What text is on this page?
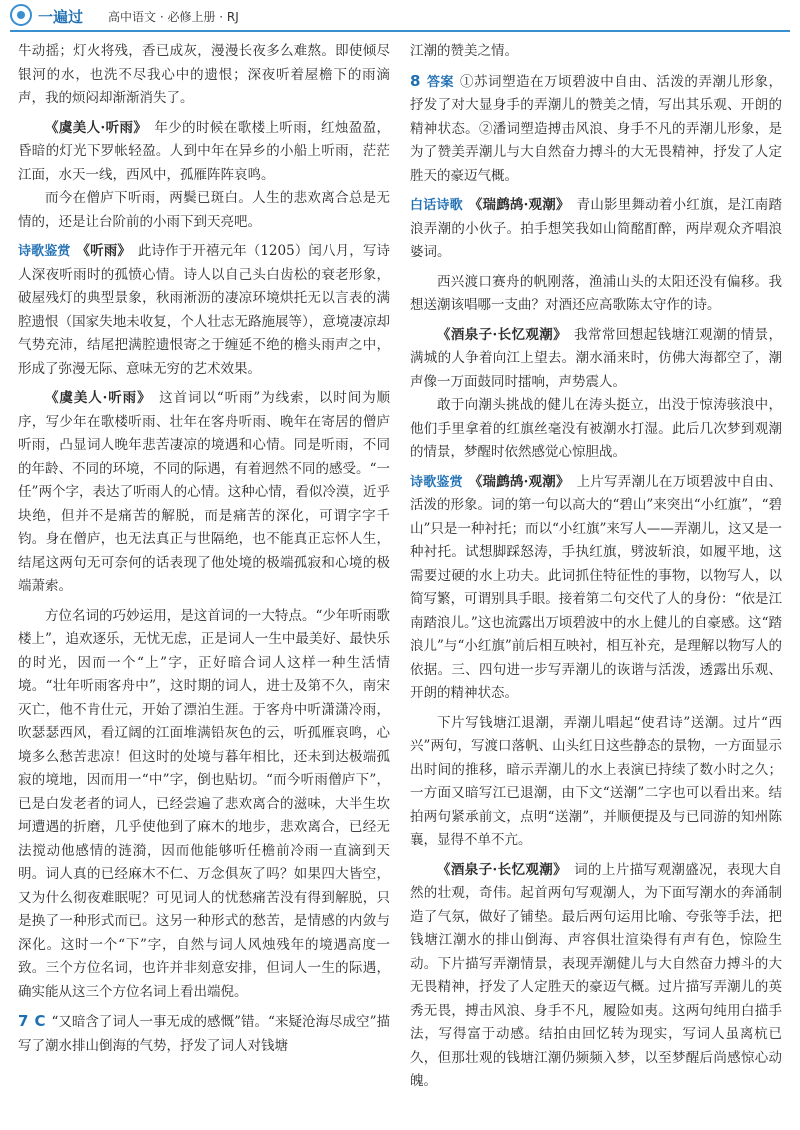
一遍过 高中语文 · 必修上册 · RJ

牛动摇；灯火将残，香已成灰，漫漫长夜多么难熬。即使倾尽银河的水，也洗不尽我心中的遗恨；深夜听着屋檐下的雨滴声，我的烦闷却渐渐消失了。

《虞美人·听雨》　 年少的时候在歌楼上听雨，红烛盈盈，昏暗的灯光下罗帐轻盈。人到中年在异乡的小船上听雨，茫茫江面，水天一线，西风中，孤雁阵阵哀鸣。

而今在僧庐下听雨，两鬓已斑白。人生的悲欢离合总是无情的，还是让台阶前的小雨下到天亮吧。

诗歌鉴赏 《听雨》　 此诗作于开禧元年（1205）闰八月，写诗人深夜听雨时的孤愤心情。诗人以自己头白齿松的衰老形象，破屋残灯的典型景象，秋雨淅沥的凄凉环境烘托无以言表的满腔遗恨（国家失地未收复，个人壮志无路施展等），意境凄凉却气势充沛，结尾把满腔遗恨寄之于缠延不绝的檐头雨声之中，形成了弥漫无际、意味无穷的艺术效果。

《虞美人·听雨》　 这首词以“听雨”为线索，以时间为顺序，写少年在歌楼听雨、壮年在客舟听雨、晚年在寄居的僧庐听雨，凸显词人晚年悲苦凄凉的境遇和心情。同是听雨，不同的年龄、不同的环境，不同的际遇，有着迥然不同的感受。“一任”两个字，表达了听雨人的心情。这种心情，看似冷漠，近乎块绝，但并不是痛苦的解脱，而是痛苦的深化，可谓字字千钧。身在僧庐，也无法真正与世隔绝，也不能真正忘怀人生，结尾这两句无可奈何的话表现了他处境的极端孤寂和心境的极端萧索。

方位名词的巧妙运用，是这首词的一大特点。“少年听雨歌楼上”，追欢逐乐，无忧无虑，正是词人一生中最美好、最快乐的时光，因而一个“上”字，正好暗合词人这样一种生活情境。“壮年听雨客舟中”，这时期的词人，进士及第不久，南宋灭亡，他不肯仕元，开始了漂泊生涯。于客舟中听潇潇冷雨，吹瑟瑟西风，看辽阔的江面堆满铅灰色的云，听孤雁哀鸣，心境多么愁苦悲凉！但这时的处境与暮年相比，还未到达极端孤寂的境地，因而用一“中”字，倒也贴切。“而今听雨僧庐下”，已是白发老者的词人，已经尝遍了悲欢离合的滋味，大半生坎坷遭遇的折磨，几乎使他到了麻木的地步，悲欢离合，已经无法搅动他感情的涟漪，因而他能够听任檐前冷雨一直滴到天明。词人真的已经麻木不仁、万念俱灰了吗？如果四大皆空，又为什么彻夜难眠呢？可见词人的忧愁痛苦没有得到解脱，只是换了一种形式而已。这另一种形式的愁苦，是情感的内敛与深化。这时一个“下”字，自然与词人风烛残年的境遇高度一致。三个方位名词，也许并非刻意安排，但词人一生的际遇，确实能从这三个方位名词上看出端倪。

7 C “又暗含了词人一事无成的感慨”错。“来疑沧海尽成空”描写了潮水排山倒海的气势，抒发了词人对钱塘

江潮的赞美之情。

8 答案 ①苏词塑造在万顷碧波中自由、活泼的弄潮儿形象，抒发了对大显身手的弄潮儿的赞美之情，写出其乐观、开朗的精神状态。②潘词塑造搏击风浪、身手不凡的弄潮儿形象，是为了赞美弄潮儿与大自然奋力搏斗的大无畏精神，抒发了人定胜天的豪迈气概。

白话诗歌 《瑞鹧鸪·观潮》　 青山影里舞动着小红旗，是江南踏浪弄潮的小伙子。拍手想笑我如山简酩酊醉，两岸观众齐唱浪婆词。

西兴渡口赛舟的帆刚落，渔浦山头的太阳还没有偏移。我想送潮该唱哪一支曲？对酒还应高歌陈太守作的诗。

《酒泉子·长忆观潮》　 我常常回想起钱塘江观潮的情景，满城的人争着向江上望去。潮水涌来时，仿佛大海都空了，潮声像一万面鼓同时擂响，声势震人。

敢于向潮头挑战的健儿在涛头挺立，出没于惊涛骇浪中，他们手里拿着的红旗丝毫没有被潮水打湿。此后几次梦到观潮的情景，梦醒时依然感觉心惊胆战。

诗歌鉴赏 《瑞鹧鸪·观潮》　 上片写弄潮儿在万顷碧波中自由、活泼的形象。词的第一句以高大的“碧山”来突出“小红旗”，“碧山”只是一种衬托；而以“小红旗”来写人——弄潮儿，这又是一种衬托。试想脚踩怒涛，手执红旗，劈波斩浪，如履平地，这需要过硬的水上功夫。此词抓住特征性的事物，以物写人，以简写繁，可谓别具手眼。接着第二句交代了人的身份：“依是江南踏浪儿。”这也流露出万顷碧波中的水上健儿的自豪感。这“踏浪儿”与“小红旗”前后相互映衬，相互补充，是理解以物写人的依据。三、四句进一步写弄潮儿的诙谐与活泼，透露出乐观、开朗的精神状态。

下片写钱塘江退潮，弄潮儿唱起“使君诗”送潮。过片“西兴”两句，写渡口落帆、山头红日这些静态的景物，一方面显示出时间的推移，暗示弄潮儿的水上表演已持续了数小时之久；一方面又暗写江已退潮，由下文“送潮”二字也可以看出来。结拍两句紧承前文，点明“送潮”，并顺便提及与已同游的知州陈襄，显得不单不亢。

《酒泉子·长忆观潮》　 词的上片描写观潮盛况，表现大自然的壮观，奇伟。起首两句写观潮人，为下面写潮水的奔涌制造了气氛，做好了铺垫。最后两句运用比喻、夸张等手法，把钱塘江潮水的排山倒海、声容俱壮渲染得有声有色，惊险生动。下片描写弄潮情景，表现弄潮健儿与大自然奋力搏斗的大无畏精神，抒发了人定胜天的豪迈气概。过片描写弄潮儿的英秀无畏，搏击风浪、身手不凡，履险如夷。这两句纯用白描手法，写得富于动感。结拍由回忆转为现实，写词人虽离杭已久，但那壮观的钱塘江潮仍频频入梦，以至梦醒后尚感惊心动魄。
